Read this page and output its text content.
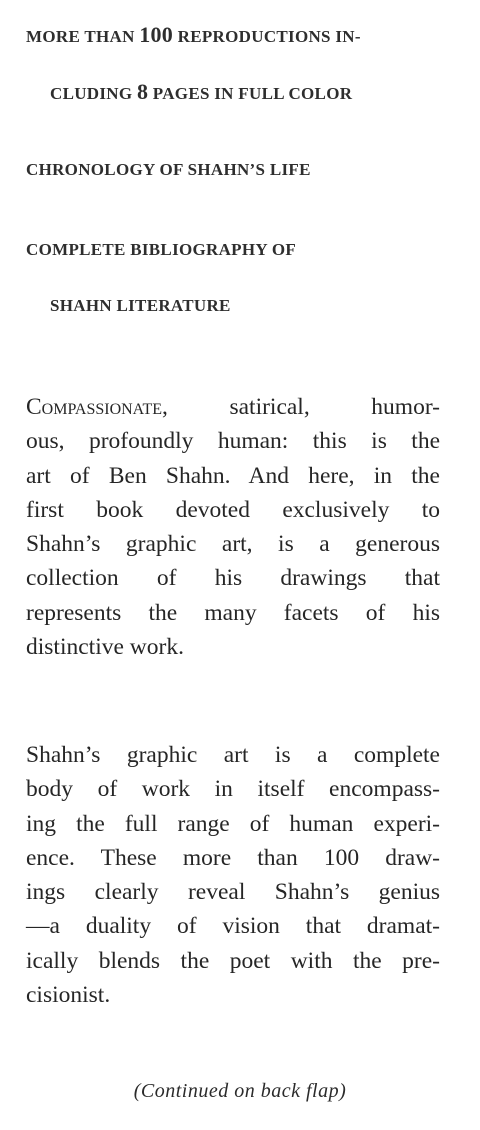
MORE THAN 100 REPRODUCTIONS IN-
CLUDING 8 PAGES IN FULL COLOR
CHRONOLOGY OF SHAHN’S LIFE
COMPLETE BIBLIOGRAPHY OF
SHAHN LITERATURE
Compassionate, satirical, humor-
ous, profoundly human: this is the
art of Ben Shahn. And here, in the
first book devoted exclusively to
Shahn’s graphic art, is a generous
collection of his drawings that
represents the many facets of his
distinctive work.
Shahn’s graphic art is a complete
body of work in itself encompass-
ing the full range of human experi-
ence. These more than 100 draw-
ings clearly reveal Shahn’s genius
—a duality of vision that dramat-
ically blends the poet with the pre-
cisionist.
(Continued on back flap)
